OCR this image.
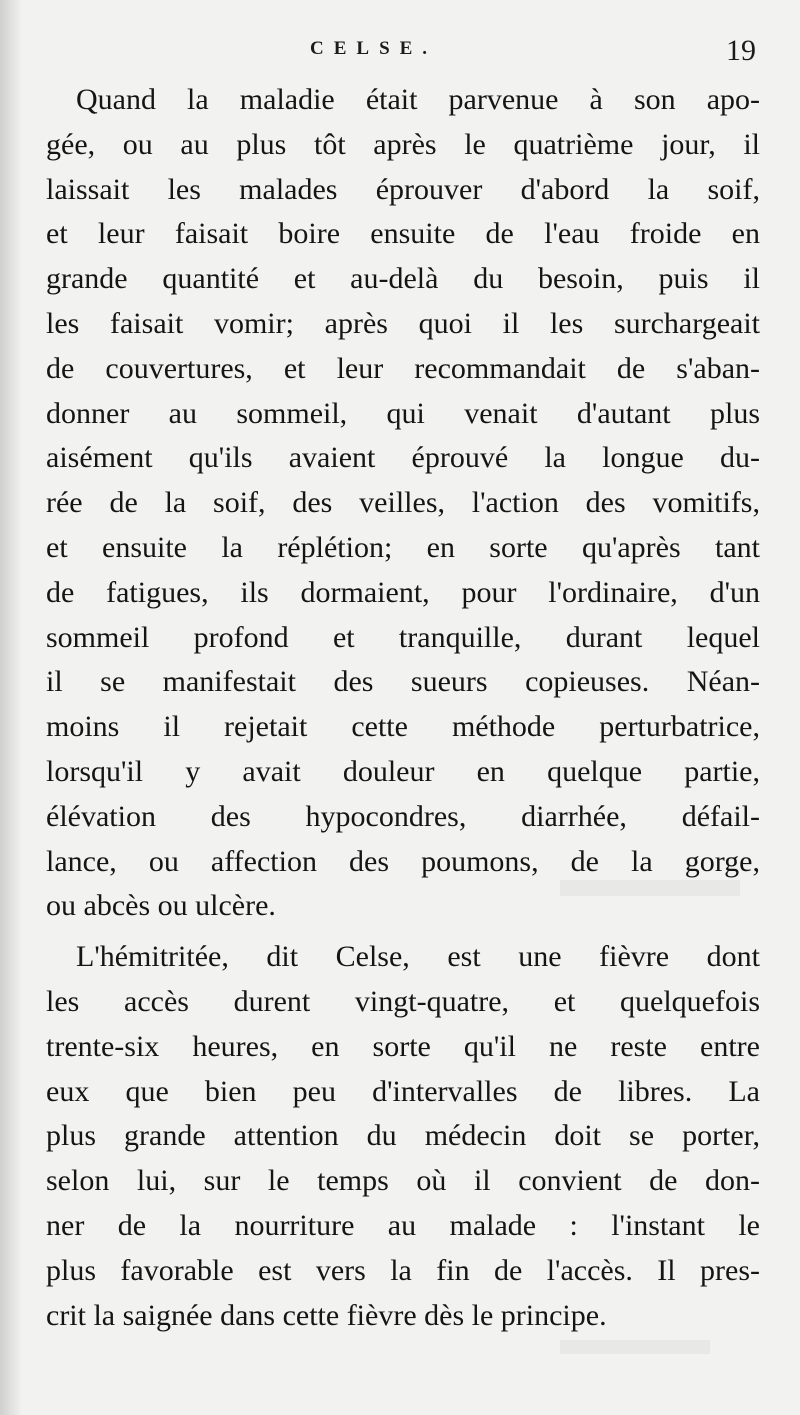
CELSE.	19
Quand la maladie était parvenue à son apo-
gée, ou au plus tôt après le quatrième jour, il
laissait les malades éprouver d'abord la soif,
et leur faisait boire ensuite de l'eau froide en
grande quantité et au-delà du besoin, puis il
les faisait vomir; après quoi il les surchargeait
de couvertures, et leur recommandait de s'aban-
donner au sommeil, qui venait d'autant plus
aisément qu'ils avaient éprouvé la longue du-
rée de la soif, des veilles, l'action des vomitifs,
et ensuite la réplétion; en sorte qu'après tant
de fatigues, ils dormaient, pour l'ordinaire, d'un
sommeil profond et tranquille, durant lequel
il se manifestait des sueurs copieuses. Néan-
moins il rejetait cette méthode perturbatrice,
lorsqu'il y avait douleur en quelque partie,
élévation des hypocondres, diarrhée, défail-
lance, ou affection des poumons, de la gorge,
ou abcès ou ulcère.
L'hémitritée, dit Celse, est une fièvre dont
les accès durent vingt-quatre, et quelquefois
trente-six heures, en sorte qu'il ne reste entre
eux que bien peu d'intervalles de libres. La
plus grande attention du médecin doit se porter,
selon lui, sur le temps où il convient de don-
ner de la nourriture au malade : l'instant le
plus favorable est vers la fin de l'accès. Il pres-
crit la saignée dans cette fièvre dès le principe.
